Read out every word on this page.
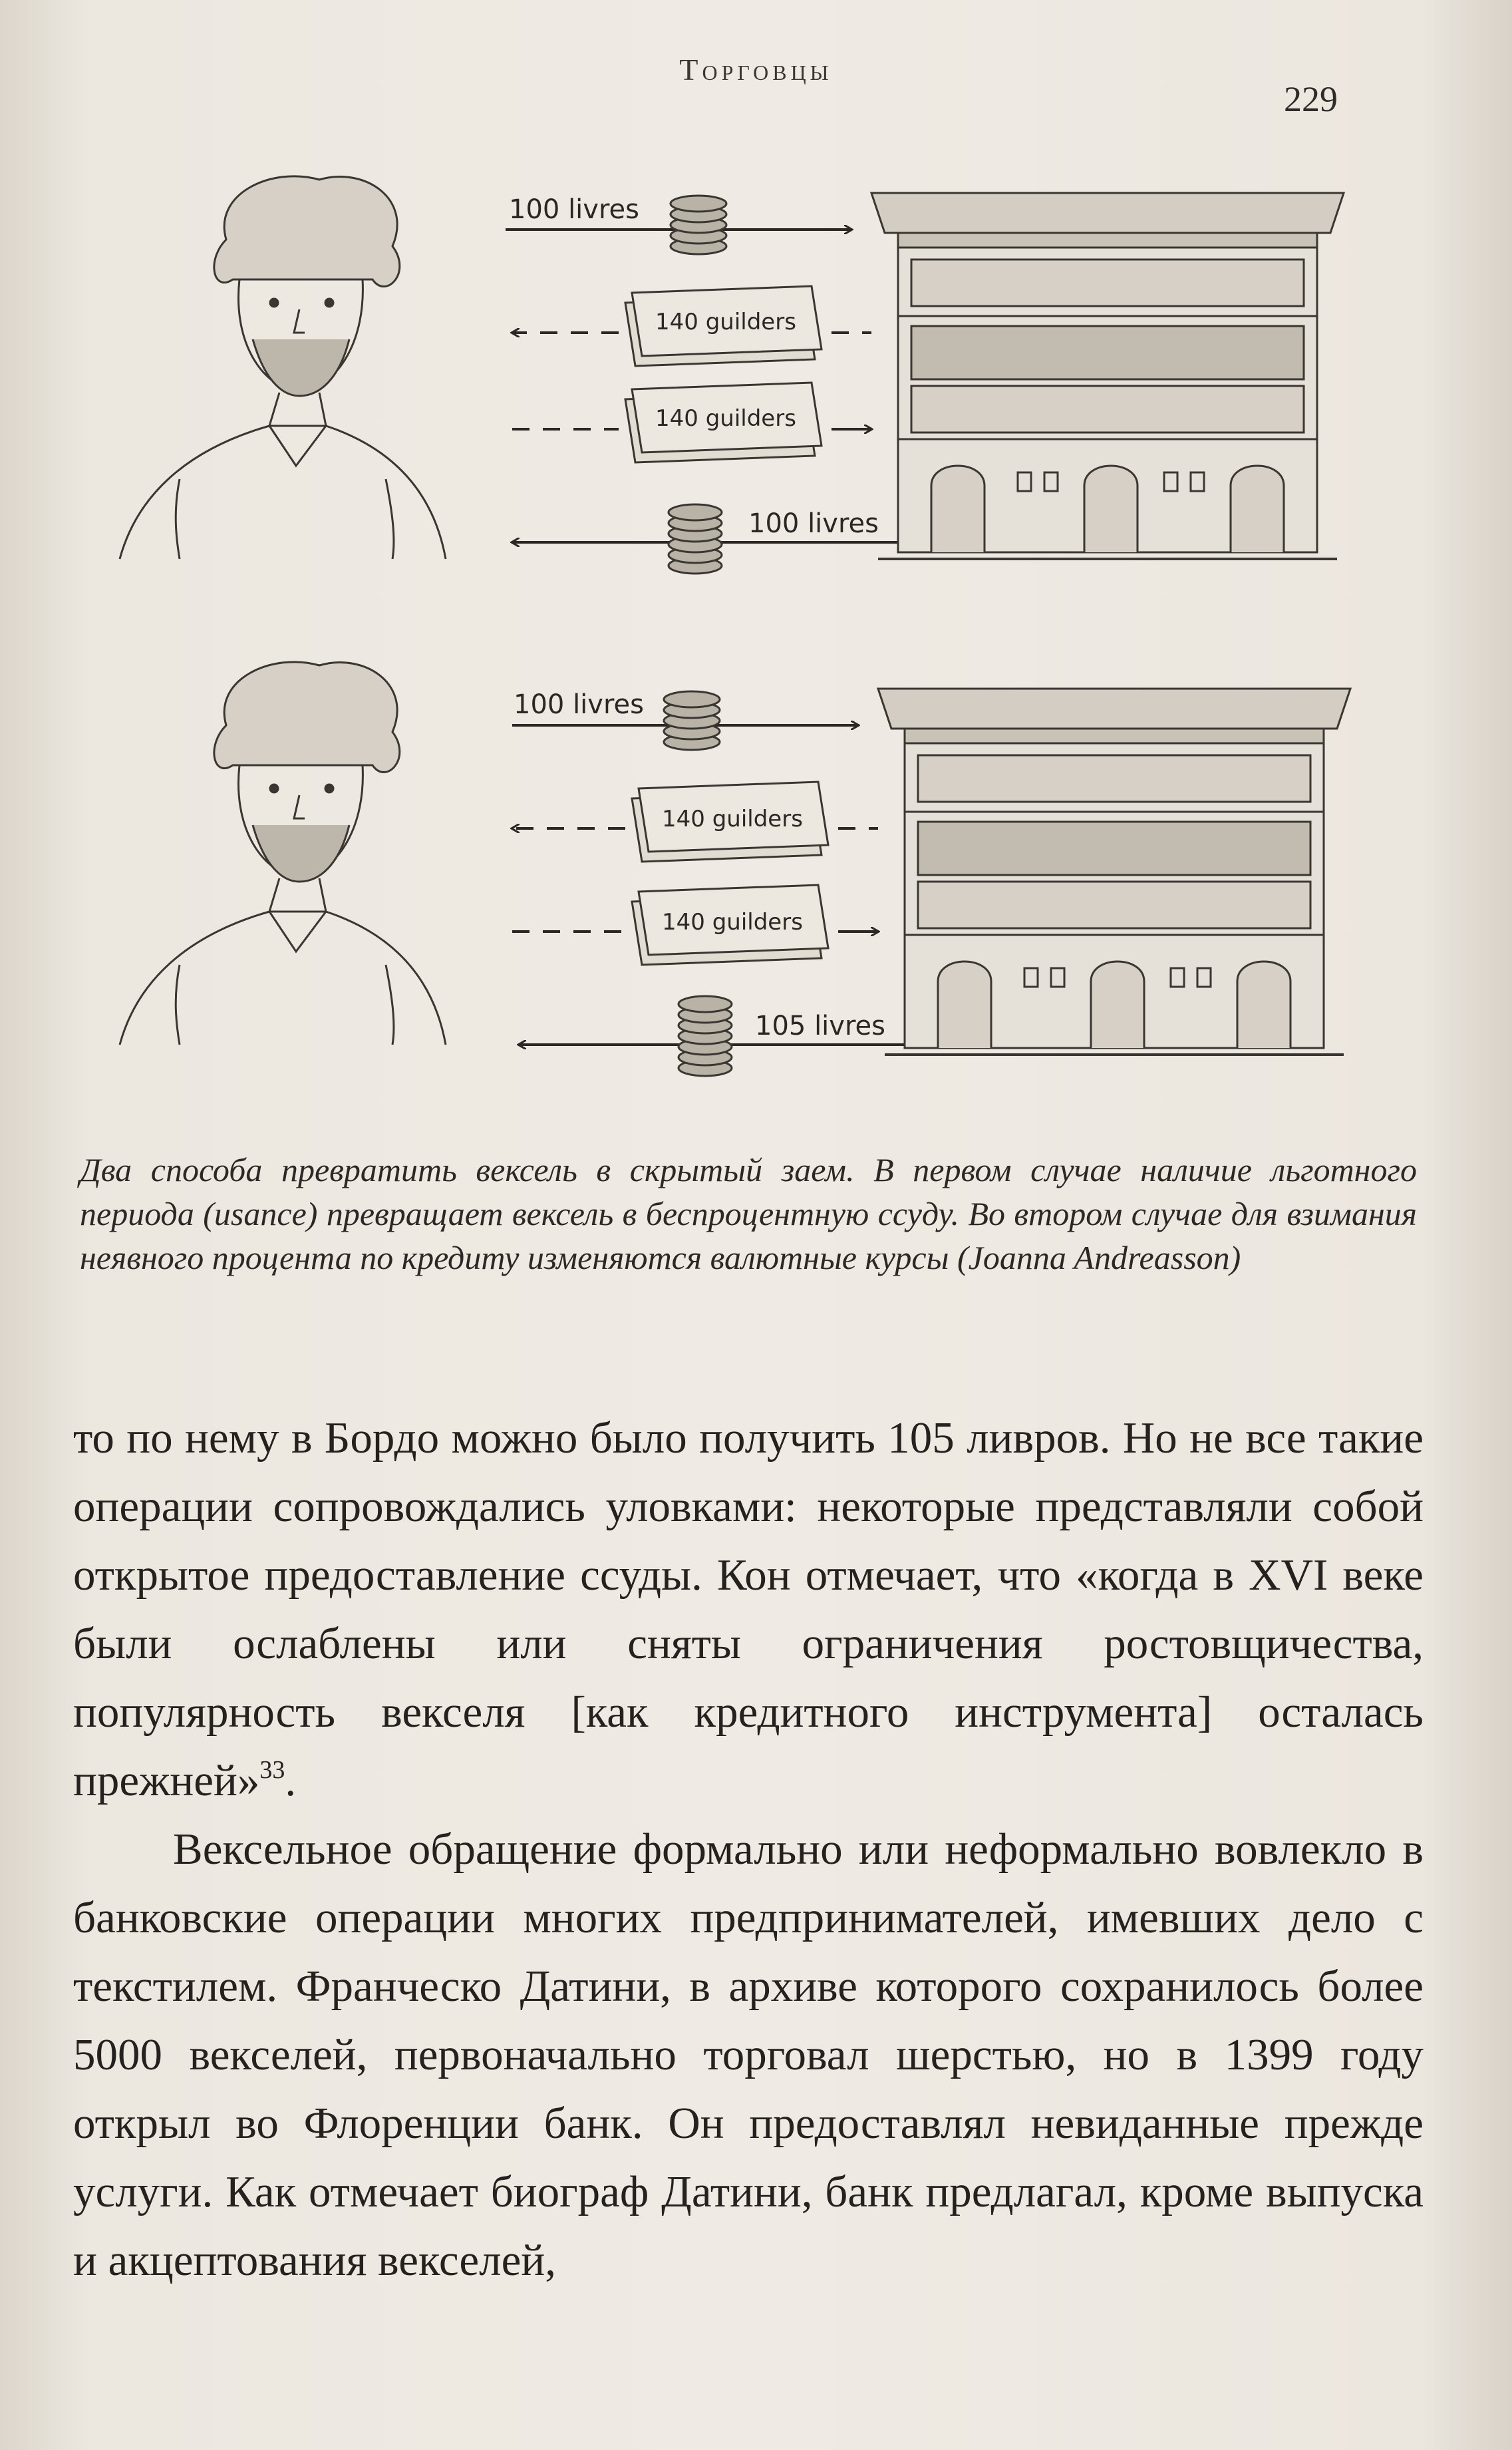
Торговцы
229
100 livres
140 guilders
140 guilders
100 livres
100 livres
140 guilders
140 guilders
105 livres
Два способа превратить вексель в скрытый заем. В первом случае наличие льготного периода (usance) превращает вексель в беспроцентную ссуду. Во втором случае для взимания неявного процента по кредиту изменяются валютные курсы (Joanna Andreasson)

то по нему в Бордо можно было получить 105 ливров. Но не все такие операции сопровождались уловками: некоторые представляли собой открытое предоставление ссуды. Кон отмечает, что «когда в XVI веке были ослаблены или сняты ограничения ростовщичества, популярность векселя [как кредитного инструмента] осталась прежней»$^{33}$.

Вексельное обращение формально или неформально вовлекло в банковские операции многих предпринимателей, имевших дело с текстилем. Франческо Датини, в архиве которого сохранилось более 5000 векселей, первоначально торговал шерстью, но в 1399 году открыл во Флоренции банк. Он предоставлял невиданные прежде услуги. Как отмечает биограф Датини, банк предлагал, кроме выпуска и акцептования векселей,
